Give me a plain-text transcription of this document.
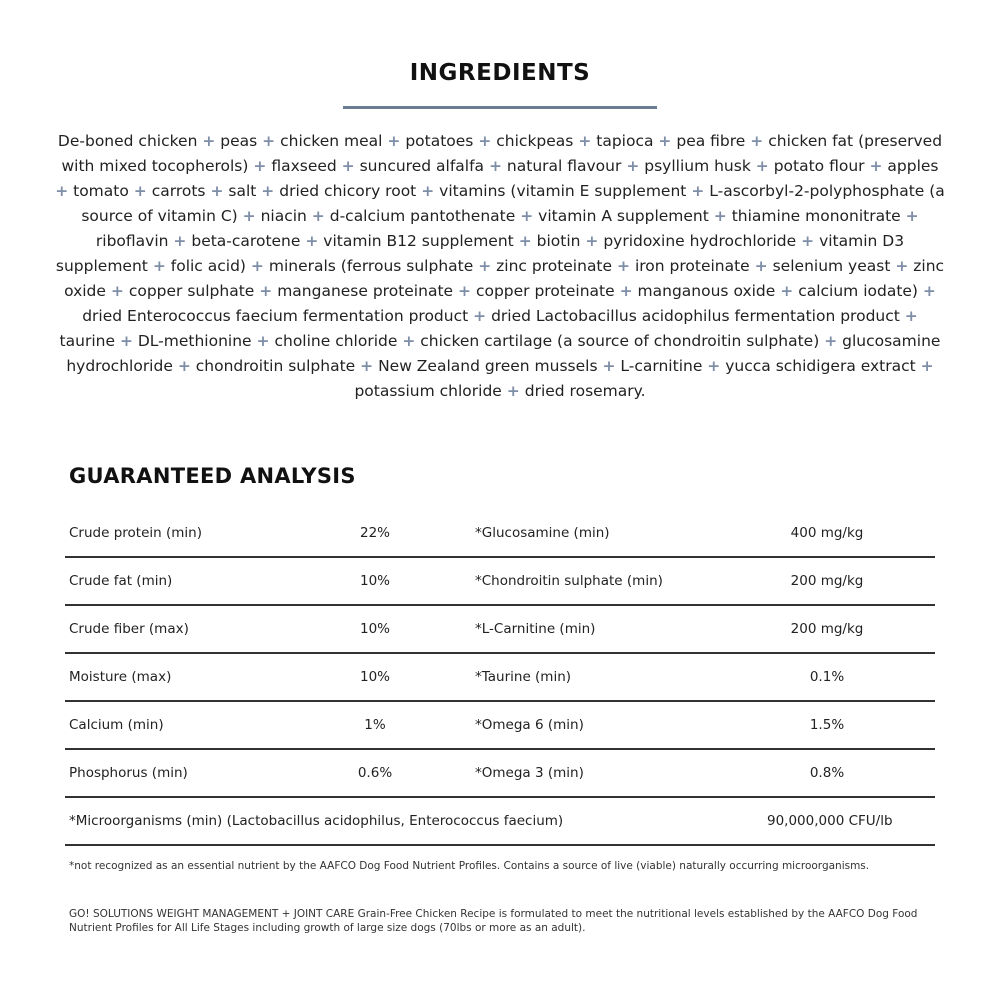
INGREDIENTS

De-boned chicken + peas + chicken meal + potatoes + chickpeas + tapioca + pea fibre + chicken fat (preserved with mixed tocopherols) + flaxseed + suncured alfalfa + natural flavour + psyllium husk + potato flour + apples + tomato + carrots + salt + dried chicory root + vitamins (vitamin E supplement + L-ascorbyl-2-polyphosphate (a source of vitamin C) + niacin + d-calcium pantothenate + vitamin A supplement + thiamine mononitrate + riboflavin + beta-carotene + vitamin B12 supplement + biotin + pyridoxine hydrochloride + vitamin D3 supplement + folic acid) + minerals (ferrous sulphate + zinc proteinate + iron proteinate + selenium yeast + zinc oxide + copper sulphate + manganese proteinate + copper proteinate + manganous oxide + calcium iodate) + dried Enterococcus faecium fermentation product + dried Lactobacillus acidophilus fermentation product + taurine + DL-methionine + choline chloride + chicken cartilage (a source of chondroitin sulphate) + glucosamine hydrochloride + chondroitin sulphate + New Zealand green mussels + L-carnitine + yucca schidigera extract + potassium chloride + dried rosemary.

GUARANTEED ANALYSIS
Crude protein (min)	22%	*Glucosamine (min)	400 mg/kg
Crude fat (min)	10%	*Chondroitin sulphate (min)	200 mg/kg
Crude fiber (max)	10%	*L-Carnitine (min)	200 mg/kg
Moisture (max)	10%	*Taurine (min)	0.1%
Calcium (min)	1%	*Omega 6 (min)	1.5%
Phosphorus (min)	0.6%	*Omega 3 (min)	0.8%
*Microorganisms (min) (Lactobacillus acidophilus, Enterococcus faecium)	90,000,000 CFU/lb

*not recognized as an essential nutrient by the AAFCO Dog Food Nutrient Profiles. Contains a source of live (viable) naturally occurring microorganisms.

GO! SOLUTIONS WEIGHT MANAGEMENT + JOINT CARE Grain-Free Chicken Recipe is formulated to meet the nutritional levels established by the AAFCO Dog Food Nutrient Profiles for All Life Stages including growth of large size dogs (70lbs or more as an adult).
